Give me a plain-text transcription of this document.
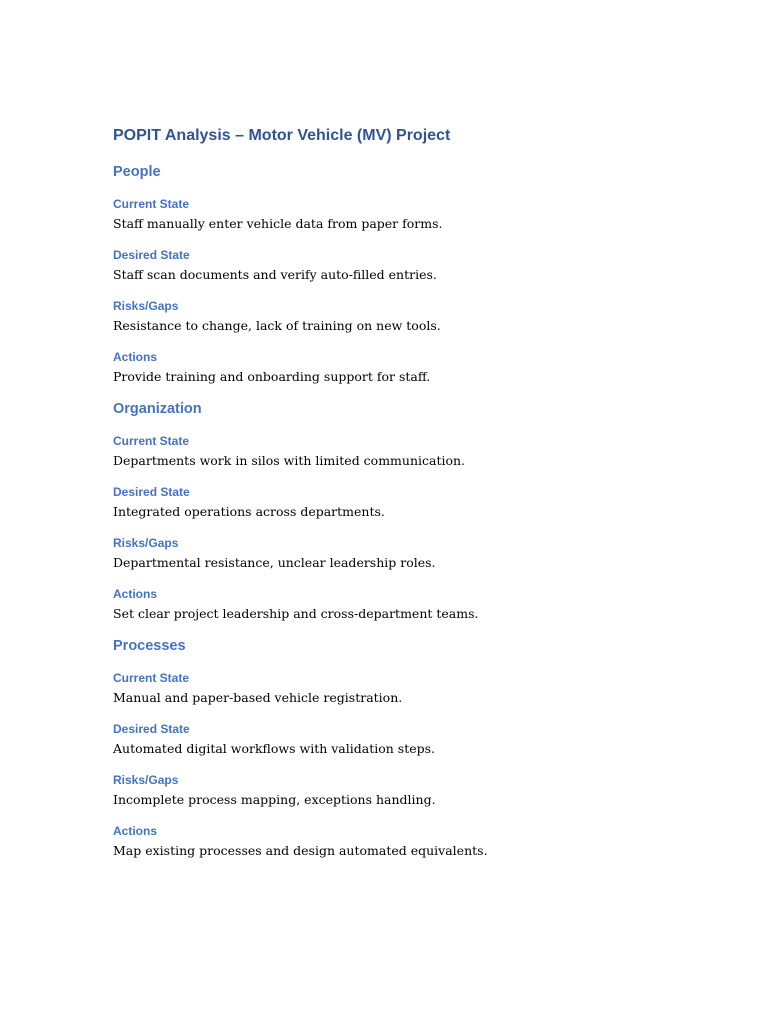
POPIT Analysis – Motor Vehicle (MV) Project
People
Current State
Staff manually enter vehicle data from paper forms.
Desired State
Staff scan documents and verify auto-filled entries.
Risks/Gaps
Resistance to change, lack of training on new tools.
Actions
Provide training and onboarding support for staff.
Organization
Current State
Departments work in silos with limited communication.
Desired State
Integrated operations across departments.
Risks/Gaps
Departmental resistance, unclear leadership roles.
Actions
Set clear project leadership and cross-department teams.
Processes
Current State
Manual and paper-based vehicle registration.
Desired State
Automated digital workflows with validation steps.
Risks/Gaps
Incomplete process mapping, exceptions handling.
Actions
Map existing processes and design automated equivalents.
